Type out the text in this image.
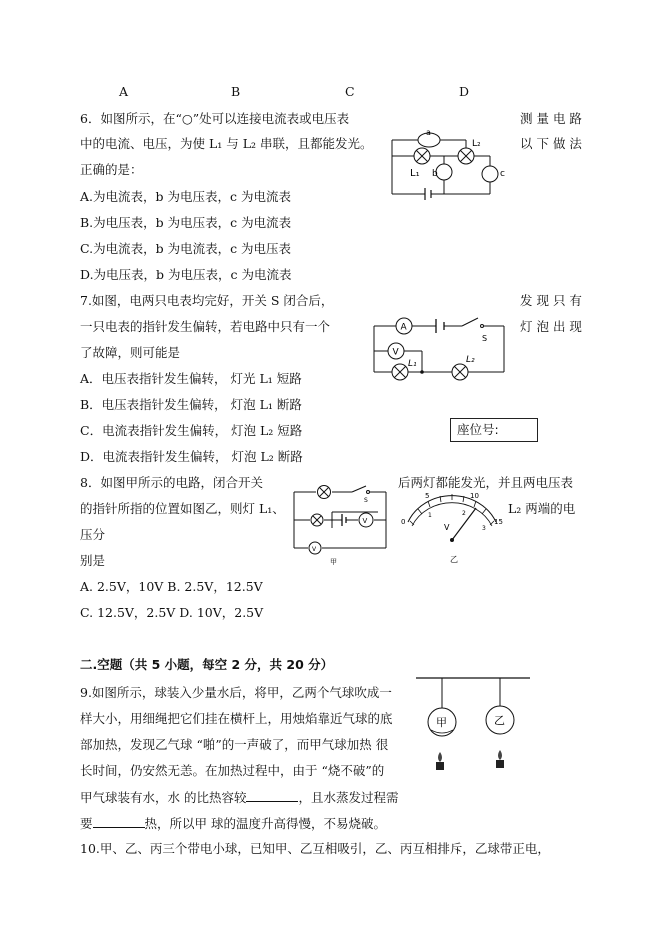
A	B	C	D
6．如图所示，在“○”处可以连接电流表或电压表	测 量 电 路
中的电流、电压，为使 L₁ 与 L₂ 串联，且都能发光。	以 下 做 法
正确的是：
A.为电流表，b 为电压表，c 为电流表
B.为电压表，b 为电压表，c 为电流表
C.为电流表，b 为电流表，c 为电压表
D.为电压表，b 为电压表，c 为电流表
a
b	c
L₁
L₂
7.如图，电两只电表均完好，开关 S 闭合后，	发 现 只 有
一只电表的指针发生偏转，若电路中只有一个	灯 泡 出 现
了故障，则可能是
A．电压表指针发生偏转， 灯光 L₁ 短路
B．电压表指针发生偏转， 灯泡 L₁ 断路
C．电流表指针发生偏转， 灯泡 L₂ 短路
D．电流表指针发生偏转， 灯泡 L₂ 断路
A
V
S
L₁	L₂
座位号:
8．如图甲所示的电路，闭合开关	后两灯都能发光，并且两电压表
的指针所指的位置如图乙，则灯 L₁、	L₂ 两端的电
压分
别是
A. 2.5V，10V B. 2.5V，12.5V
C. 12.5V，2.5V D. 10V，2.5V
V
V
S
甲
0
5	10
15
1	2
3
V
乙
二.空题（共 5 小题，每空 2 分，共 20 分）
9.如图所示，球装入少量水后，将甲，乙两个气球吹成一
样大小，用细绳把它们挂在横杆上，用烛焰靠近气球的底
部加热，发现乙气球 “啪”的一声破了，而甲气球加热 很
长时间，仍安然无恙。在加热过程中，由于 “烧不破”的
甲气球装有水，水 的比热容较	，且水蒸发过程需
要	热，所以甲 球的温度升高得慢，不易烧破。
甲	乙
10.甲、乙、丙三个带电小球，已知甲、乙互相吸引，乙、丙互相排斥，乙球带正电，
